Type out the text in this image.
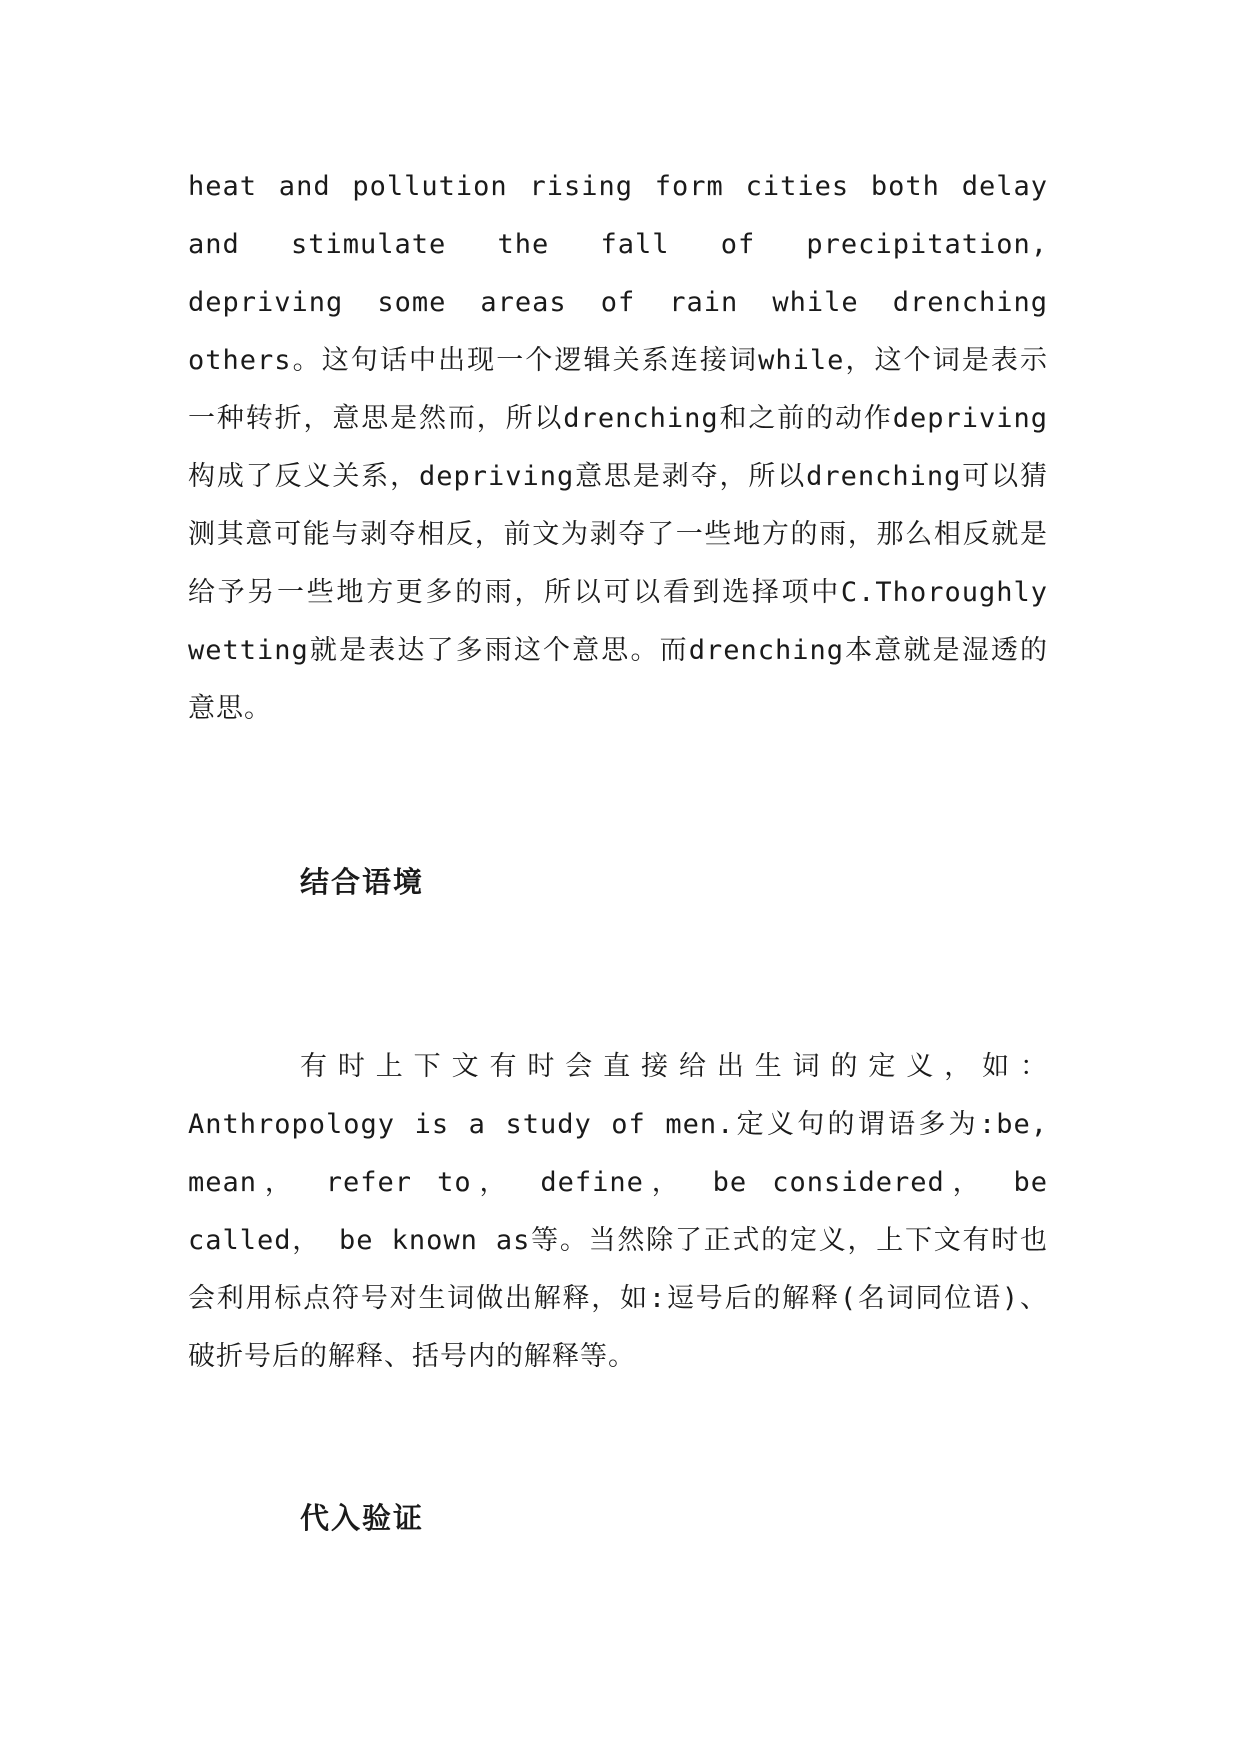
heat and pollution rising form cities both delay and stimulate the fall of precipitation, depriving some areas of rain while drenching others。这句话中出现一个逻辑关系连接词while，这个词是表示一种转折，意思是然而，所以drenching和之前的动作depriving构成了反义关系，depriving意思是剥夺，所以drenching可以猜测其意可能与剥夺相反，前文为剥夺了一些地方的雨，那么相反就是给予另一些地方更多的雨，所以可以看到选择项中C.Thoroughly wetting就是表达了多雨这个意思。而drenching本意就是湿透的意思。

结合语境

有时上下文有时会直接给出生词的定义，如：Anthropology is a study of men.定义句的谓语多为:be, mean， refer to， define， be considered， be called， be known as等。当然除了正式的定义，上下文有时也会利用标点符号对生词做出解释，如:逗号后的解释(名词同位语)、破折号后的解释、括号内的解释等。

代入验证
